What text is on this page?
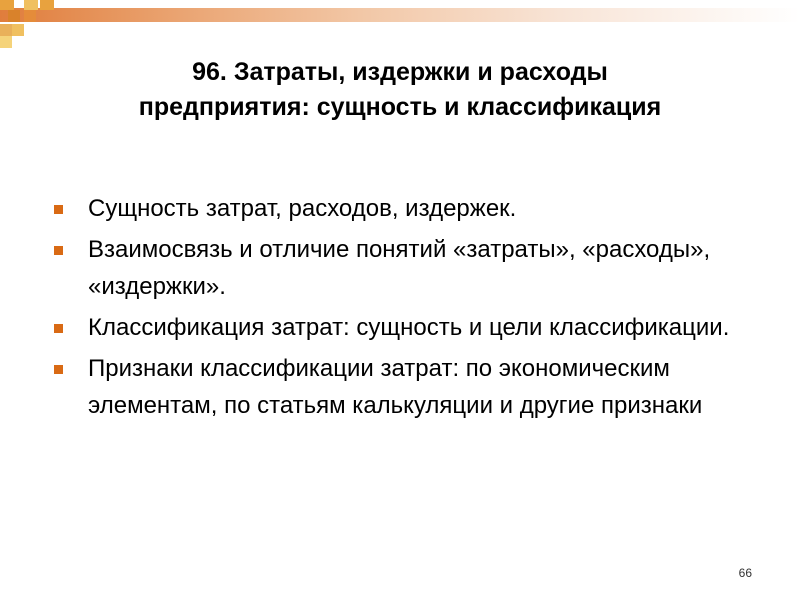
96. Затраты, издержки и расходы
предприятия: сущность и классификация
Сущность затрат, расходов, издержек.
Взаимосвязь и отличие понятий «затраты», «расходы», «издержки».
Классификация затрат: сущность и цели классификации.
Признаки классификации затрат: по экономическим элементам, по статьям калькуляции и другие признаки
66
